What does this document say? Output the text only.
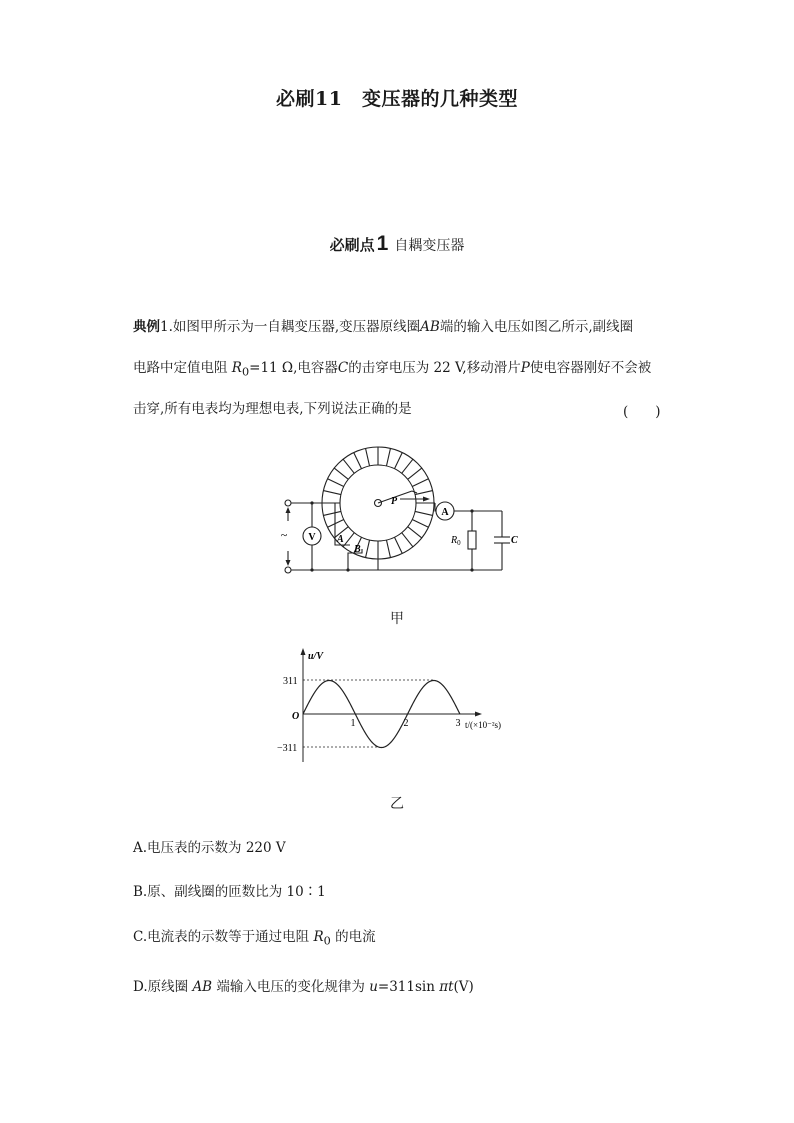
必刷11　变压器的几种类型
必刷点1 自耦变压器
典例1.如图甲所示为一自耦变压器,变压器原线圈AB端的输入电压如图乙所示,副线圈
电路中定值电阻 $R_0=11$ Ω,电容器C的击穿电压为 22 V,移动滑片P使电容器刚好不会被
击穿,所有电表均为理想电表,下列说法正确的是	(　　)
V
A
~	A
B
P
$R_0$	C
甲
u/V
311
−311
O
1	2	3 t/(×10⁻²s)
乙
A.电压表的示数为 220 V
B.原、副线圈的匝数比为 10∶1
C.电流表的示数等于通过电阻 $R_0$ 的电流
D.原线圈 AB 端输入电压的变化规律为 u=311sin πt(V)
